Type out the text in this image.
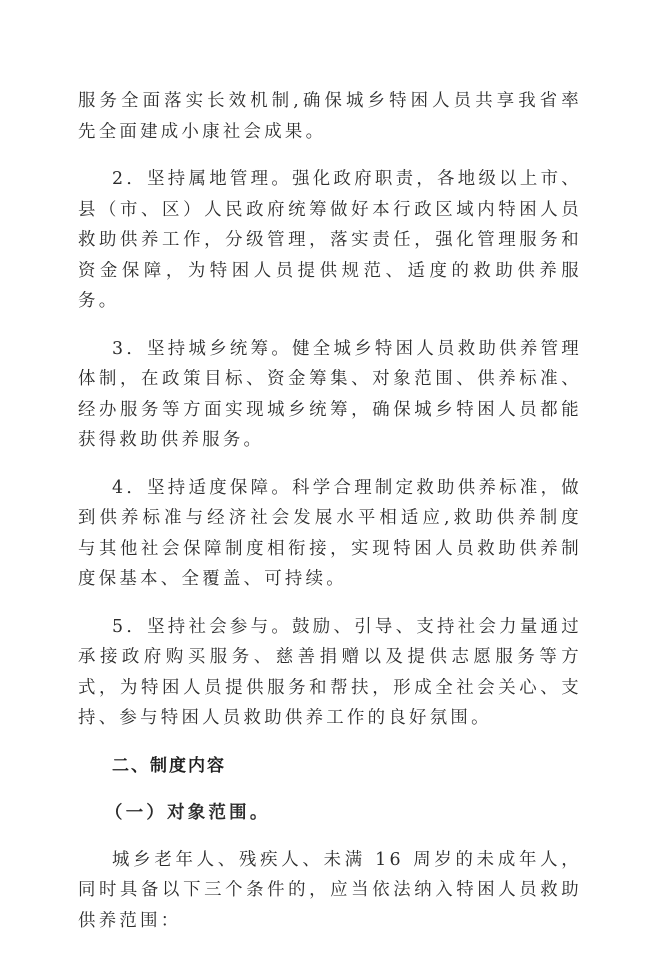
服务全面落实长效机制,确保城乡特困人员共享我省率先全面建成小康社会成果。

2．坚持属地管理。强化政府职责，各地级以上市、县（市、区）人民政府统筹做好本行政区域内特困人员救助供养工作，分级管理，落实责任，强化管理服务和资金保障，为特困人员提供规范、适度的救助供养服务。

3．坚持城乡统筹。健全城乡特困人员救助供养管理体制，在政策目标、资金筹集、对象范围、供养标准、经办服务等方面实现城乡统筹，确保城乡特困人员都能获得救助供养服务。

4．坚持适度保障。科学合理制定救助供养标准，做到供养标准与经济社会发展水平相适应,救助供养制度与其他社会保障制度相衔接，实现特困人员救助供养制度保基本、全覆盖、可持续。

5．坚持社会参与。鼓励、引导、支持社会力量通过承接政府购买服务、慈善捐赠以及提供志愿服务等方式，为特困人员提供服务和帮扶，形成全社会关心、支持、参与特困人员救助供养工作的良好氛围。

二、制度内容
（一）对象范围。

城乡老年人、残疾人、未满 16 周岁的未成年人，同时具备以下三个条件的，应当依法纳入特困人员救助供养范围：
